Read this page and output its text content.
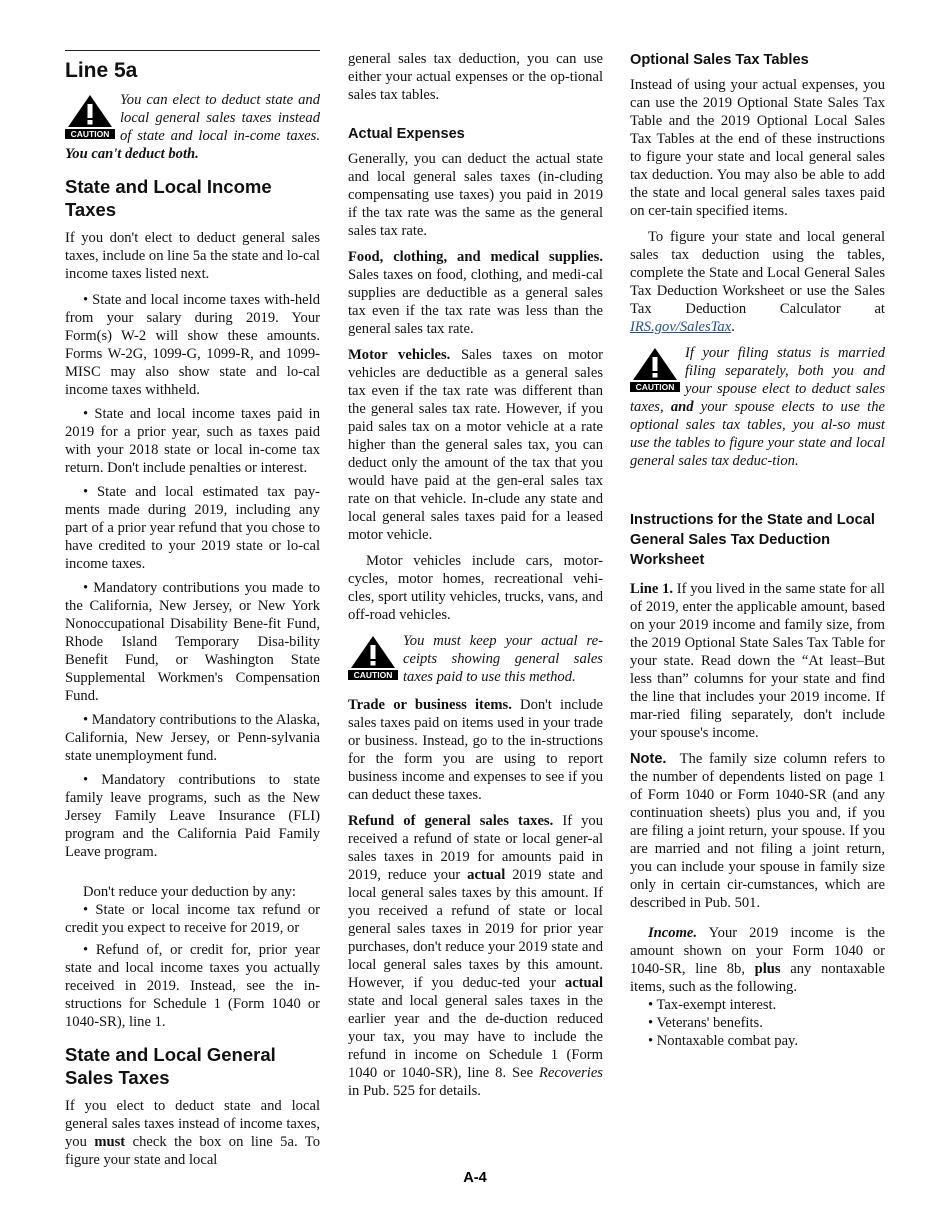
Line 5a
CAUTION

You can elect to deduct state and local general sales taxes instead of state and local in-come taxes. You can't deduct both.

State and Local Income Taxes

If you don't elect to deduct general sales taxes, include on line 5a the state and lo-cal income taxes listed next.

• State and local income taxes with-held from your salary during 2019. Your Form(s) W-2 will show these amounts. Forms W-2G, 1099-G, 1099-R, and 1099-MISC may also show state and lo-cal income taxes withheld.

• State and local income taxes paid in 2019 for a prior year, such as taxes paid with your 2018 state or local in-come tax return. Don't include penalties or interest.

• State and local estimated tax pay-ments made during 2019, including any part of a prior year refund that you chose to have credited to your 2019 state or lo-cal income taxes.

• Mandatory contributions you made to the California, New Jersey, or New York Nonoccupational Disability Bene-fit Fund, Rhode Island Temporary Disa-bility Benefit Fund, or Washington State Supplemental Workmen's Compensation Fund.

• Mandatory contributions to the Alaska, California, New Jersey, or Penn-sylvania state unemployment fund.

• Mandatory contributions to state family leave programs, such as the New Jersey Family Leave Insurance (FLI) program and the California Paid Family Leave program.

Don't reduce your deduction by any:

• State or local income tax refund or credit you expect to receive for 2019, or

• Refund of, or credit for, prior year state and local income taxes you actually received in 2019. Instead, see the in-structions for Schedule 1 (Form 1040 or 1040-SR), line 1.

State and Local General Sales Taxes

If you elect to deduct state and local general sales taxes instead of income taxes, you must check the box on line 5a. To figure your state and local

general sales tax deduction, you can use either your actual expenses or the op-tional sales tax tables.

Actual Expenses

Generally, you can deduct the actual state and local general sales taxes (in-cluding compensating use taxes) you paid in 2019 if the tax rate was the same as the general sales tax rate.

Food, clothing, and medical supplies. Sales taxes on food, clothing, and medi-cal supplies are deductible as a general sales tax even if the tax rate was less than the general sales tax rate.

Motor vehicles. Sales taxes on motor vehicles are deductible as a general sales tax even if the tax rate was different than the general sales tax rate. However, if you paid sales tax on a motor vehicle at a rate higher than the general sales tax, you can deduct only the amount of the tax that you would have paid at the gen-eral sales tax rate on that vehicle. In-clude any state and local general sales taxes paid for a leased motor vehicle.

Motor vehicles include cars, motor-cycles, motor homes, recreational vehi-cles, sport utility vehicles, trucks, vans, and off-road vehicles.

CAUTION

You must keep your actual re-ceipts showing general sales taxes paid to use this method.

Trade or business items. Don't include sales taxes paid on items used in your trade or business. Instead, go to the in-structions for the form you are using to report business income and expenses to see if you can deduct these taxes.

Refund of general sales taxes. If you received a refund of state or local gener-al sales taxes in 2019 for amounts paid in 2019, reduce your actual 2019 state and local general sales taxes by this amount. If you received a refund of state or local general sales taxes in 2019 for prior year purchases, don't reduce your 2019 state and local general sales taxes by this amount. However, if you deduc-ted your actual state and local general sales taxes in the earlier year and the de-duction reduced your tax, you may have to include the refund in income on Schedule 1 (Form 1040 or 1040-SR), line 8. See Recoveries in Pub. 525 for details.

Optional Sales Tax Tables

Instead of using your actual expenses, you can use the 2019 Optional State Sales Tax Table and the 2019 Optional Local Sales Tax Tables at the end of these instructions to figure your state and local general sales tax deduction. You may also be able to add the state and local general sales taxes paid on cer-tain specified items.

To figure your state and local general sales tax deduction using the tables, complete the State and Local General Sales Tax Deduction Worksheet or use the Sales Tax Deduction Calculator at IRS.gov/SalesTax.

CAUTION

If your filing status is married filing separately, both you and your spouse elect to deduct sales taxes, and your spouse elects to use the optional sales tax tables, you al-so must use the tables to figure your state and local general sales tax deduc-tion.

Instructions for the State and Local General Sales Tax Deduction Worksheet

Line 1. If you lived in the same state for all of 2019, enter the applicable amount, based on your 2019 income and family size, from the 2019 Optional State Sales Tax Table for your state. Read down the “At least–But less than” columns for your state and find the line that includes your 2019 income. If mar-ried filing separately, don't include your spouse's income.

Note. The family size column refers to the number of dependents listed on page 1 of Form 1040 or Form 1040-SR (and any continuation sheets) plus you and, if you are filing a joint return, your spouse. If you are married and not filing a joint return, you can include your spouse in family size only in certain cir-cumstances, which are described in Pub. 501.

Income. Your 2019 income is the amount shown on your Form 1040 or 1040-SR, line 8b, plus any nontaxable items, such as the following.

• Tax-exempt interest.
• Veterans' benefits.
• Nontaxable combat pay.
A-4
